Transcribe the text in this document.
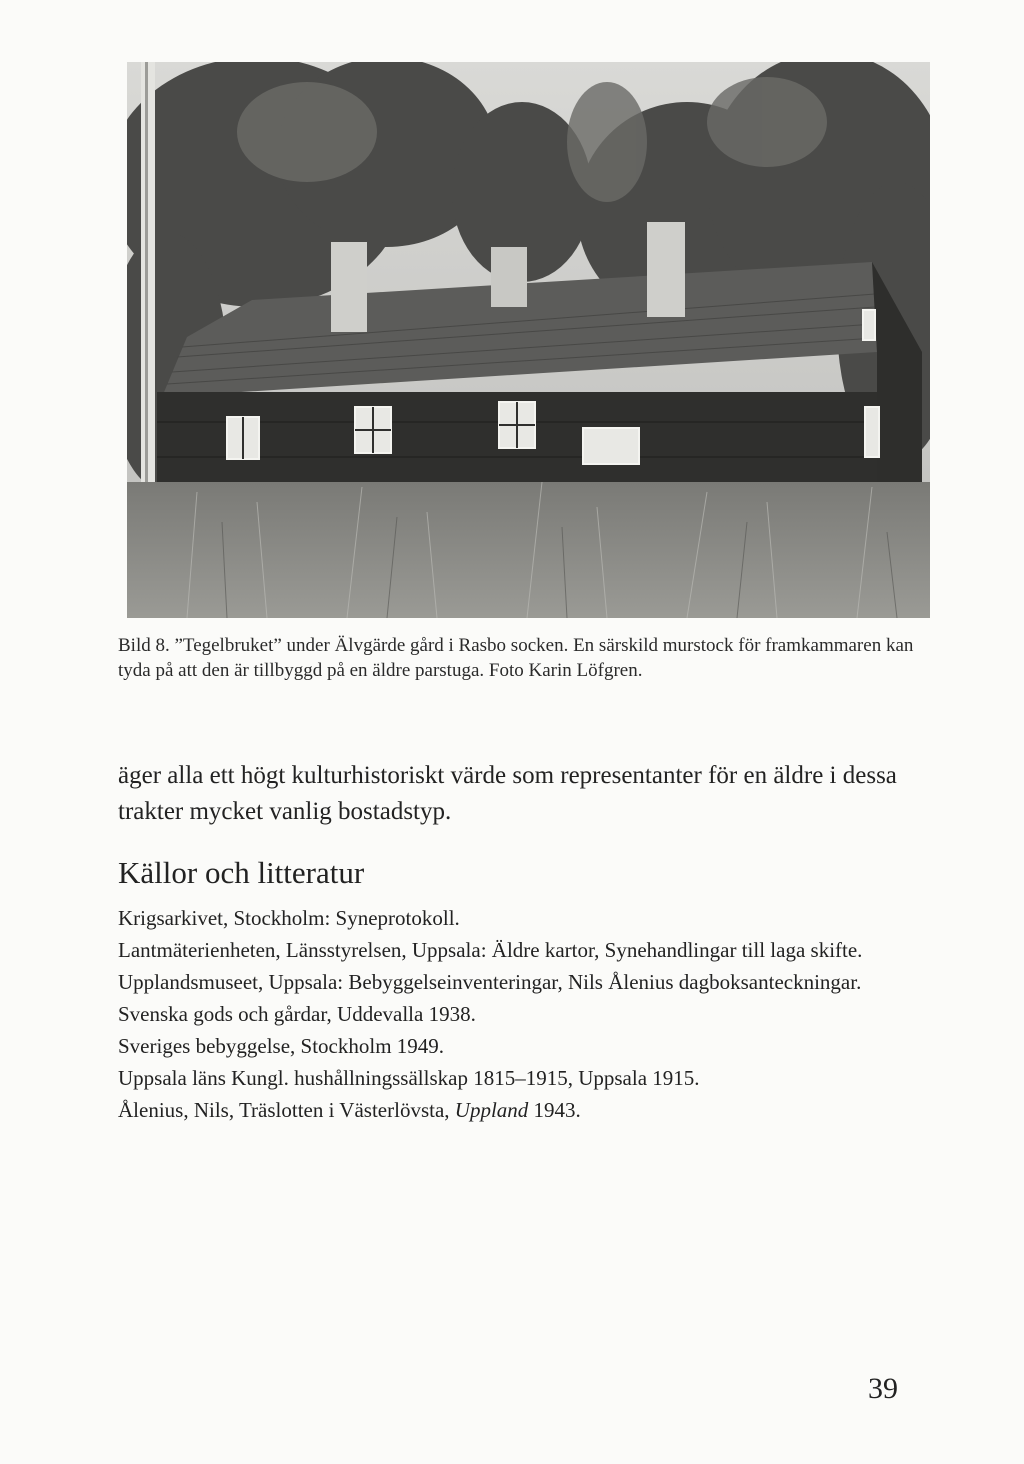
Bild 8. ”Tegelbruket” under Älvgärde gård i Rasbo socken. En särskild murstock för framkammaren kan tyda på att den är tillbyggd på en äldre parstuga. Foto Karin Löfgren.
äger alla ett högt kulturhistoriskt värde som representanter för en äldre i dessa trakter mycket vanlig bostadstyp.
Källor och litteratur
Krigsarkivet, Stockholm: Syneprotokoll.
Lantmäterienheten, Länsstyrelsen, Uppsala: Äldre kartor, Synehandlingar till laga skifte.
Upplandsmuseet, Uppsala: Bebyggelseinventeringar, Nils Ålenius dagboksanteckningar.
Svenska gods och gårdar, Uddevalla 1938.
Sveriges bebyggelse, Stockholm 1949.
Uppsala läns Kungl. hushållningssällskap 1815–1915, Uppsala 1915.
Ålenius, Nils, Träslotten i Västerlövsta, Uppland 1943.
39
